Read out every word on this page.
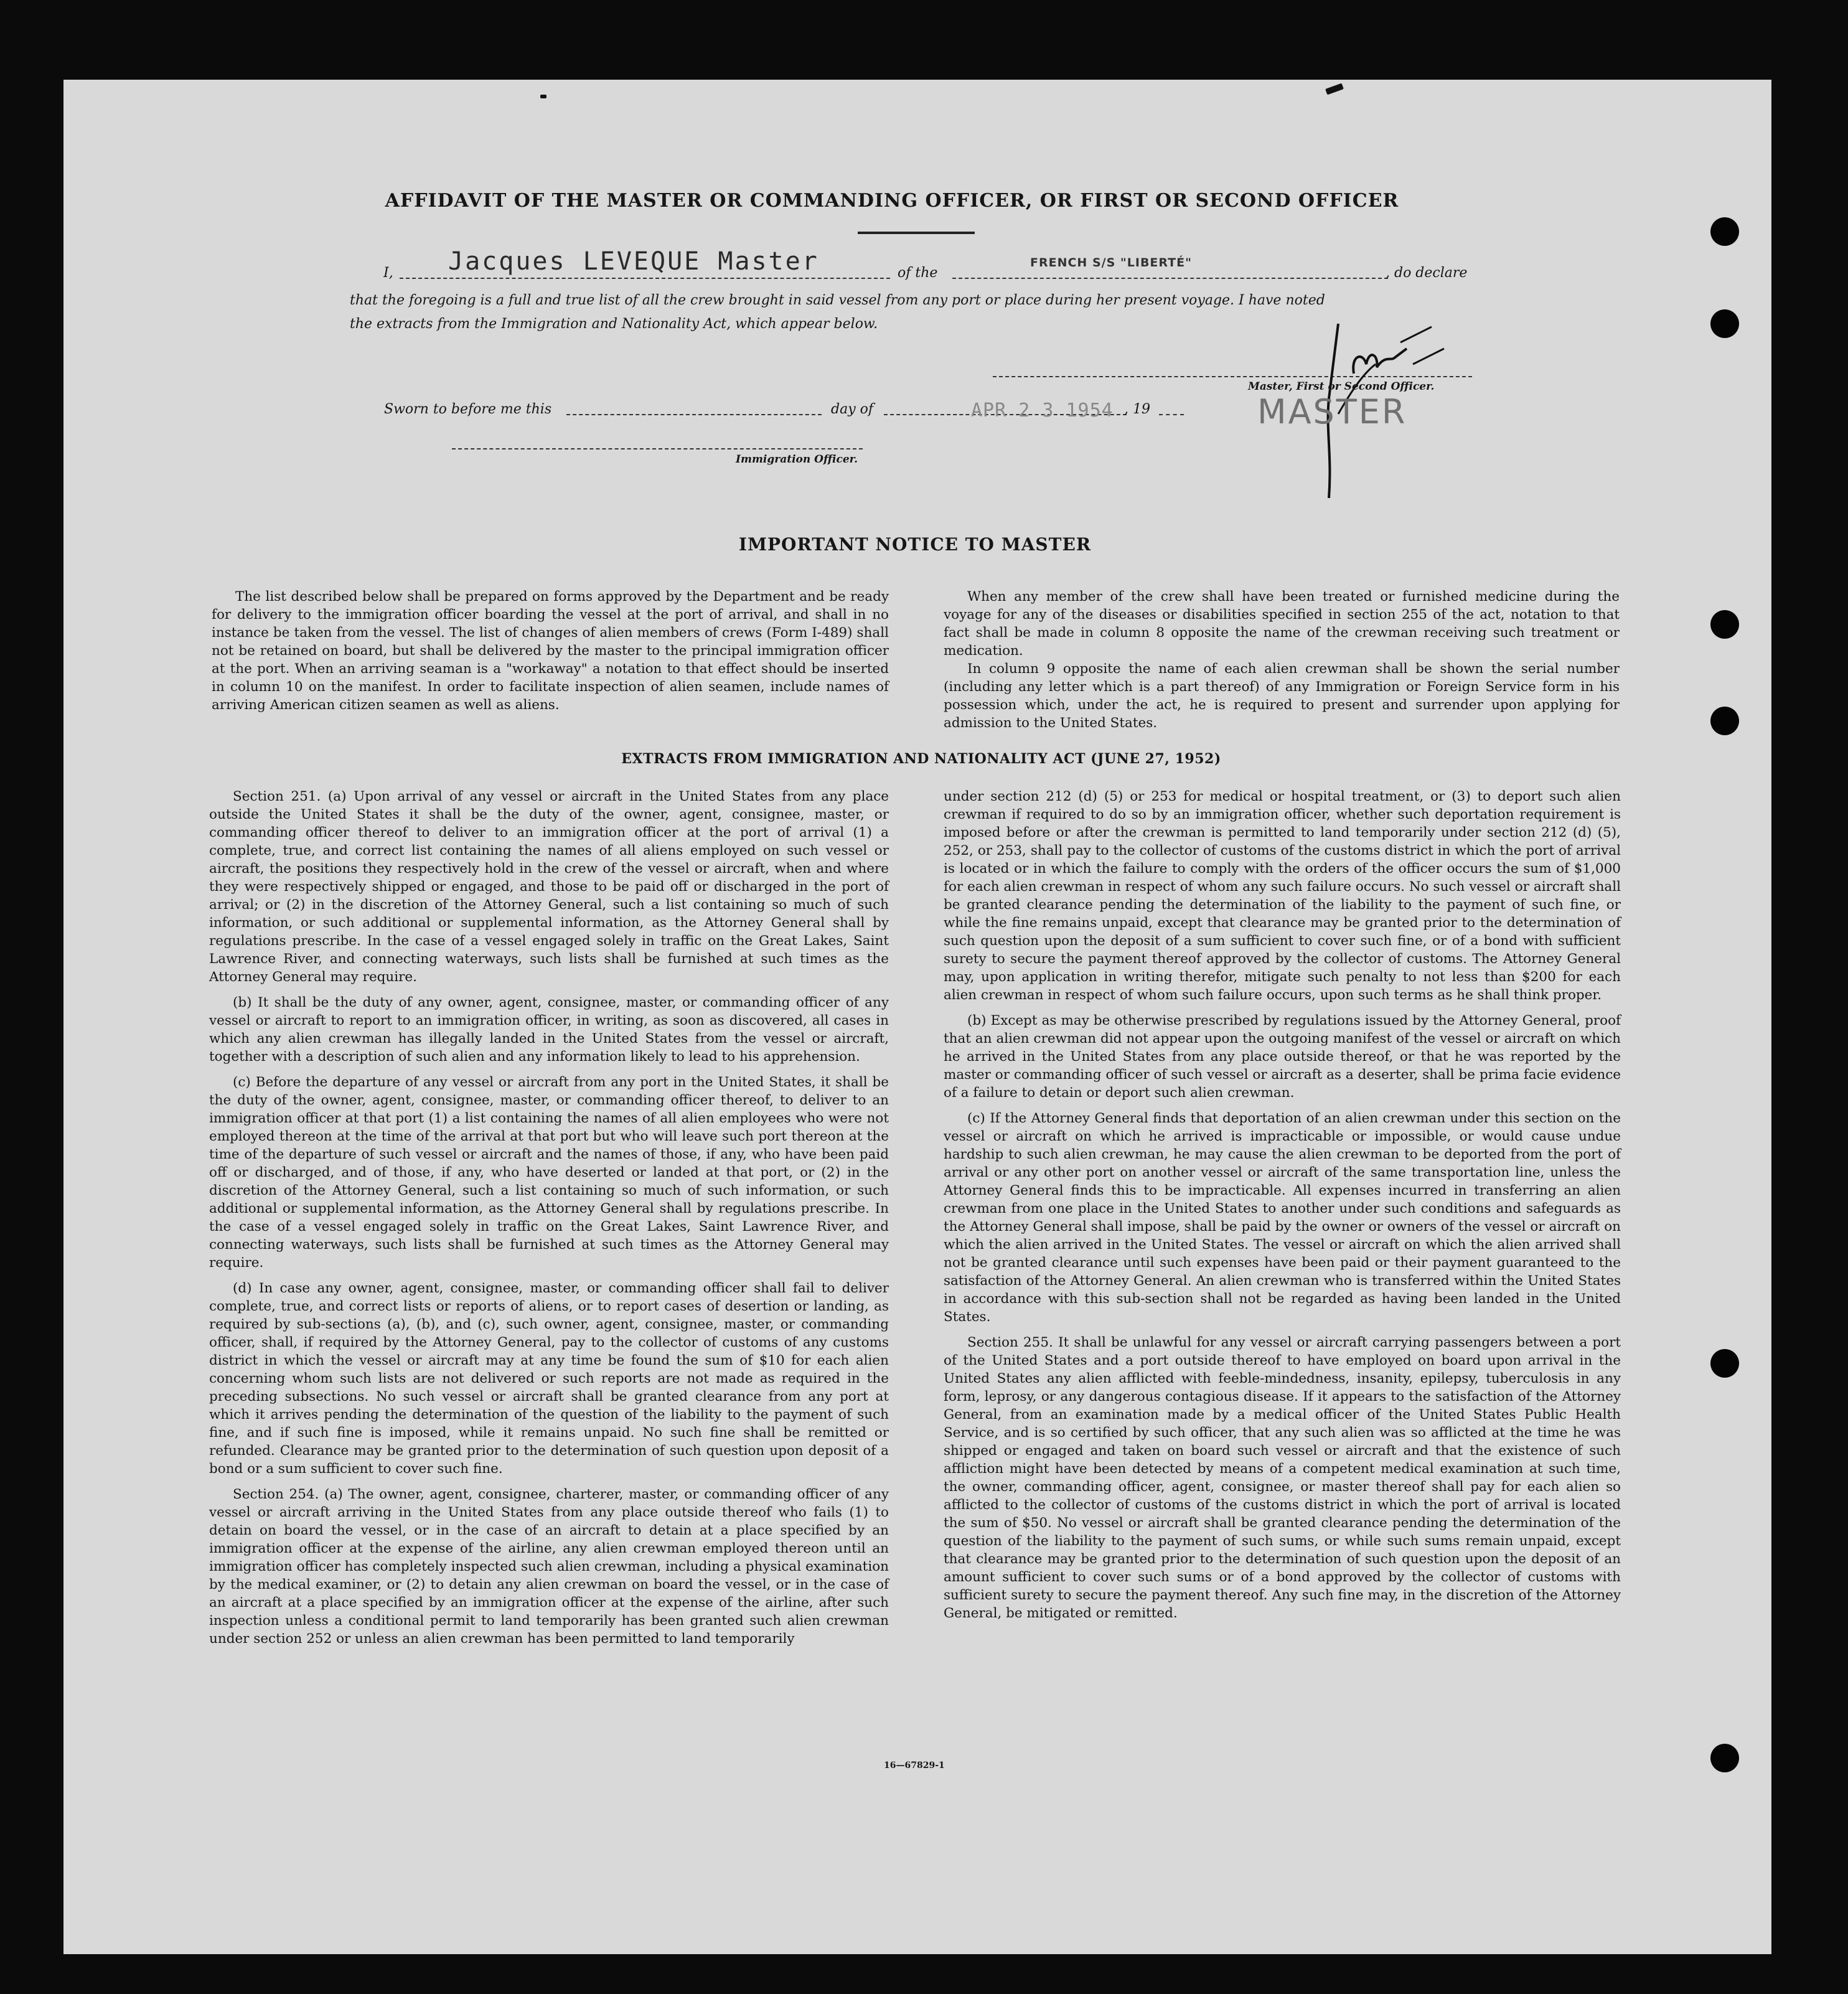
AFFIDAVIT OF THE MASTER OR COMMANDING OFFICER, OR FIRST OR SECOND OFFICER
I, Jacques LEVEQUE Master	of the
FRENCH S/S "LIBERTÉ"
, do declare
that the foregoing is a full and true list of all the crew brought in said vessel from any port or place during her present voyage. I have noted
the extracts from the Immigration and Nationality Act, which appear below.
Master, First or Second Officer.
MASTER
Sworn to before me this	day of	APR 2 3 1954 , 19
Immigration Officer.
IMPORTANT NOTICE TO MASTER

The list described below shall be prepared on forms approved by the Department and be ready for delivery to the immigration officer boarding the vessel at the port of arrival, and shall in no instance be taken from the vessel. The list of changes of alien members of crews (Form I-489) shall not be retained on board, but shall be delivered by the master to the principal immigration officer at the port. When an arriving seaman is a "workaway" a notation to that effect should be inserted in column 10 on the manifest. In order to facilitate inspection of alien seamen, include names of arriving American citizen seamen as well as aliens.

When any member of the crew shall have been treated or furnished medicine during the voyage for any of the diseases or disabilities specified in section 255 of the act, notation to that fact shall be made in column 8 opposite the name of the crewman receiving such treatment or medication.

In column 9 opposite the name of each alien crewman shall be shown the serial number (including any letter which is a part thereof) of any Immigration or Foreign Service form in his possession which, under the act, he is required to present and surrender upon applying for admission to the United States.

EXTRACTS FROM IMMIGRATION AND NATIONALITY ACT (JUNE 27, 1952)

Section 251. (a) Upon arrival of any vessel or aircraft in the United States from any place outside the United States it shall be the duty of the owner, agent, consignee, master, or commanding officer thereof to deliver to an immigration officer at the port of arrival (1) a complete, true, and correct list containing the names of all aliens employed on such vessel or aircraft, the positions they respectively hold in the crew of the vessel or aircraft, when and where they were respectively shipped or engaged, and those to be paid off or discharged in the port of arrival; or (2) in the discretion of the Attorney General, such a list containing so much of such information, or such additional or supplemental information, as the Attorney General shall by regulations prescribe. In the case of a vessel engaged solely in traffic on the Great Lakes, Saint Lawrence River, and connecting waterways, such lists shall be furnished at such times as the Attorney General may require.

(b) It shall be the duty of any owner, agent, consignee, master, or commanding officer of any vessel or aircraft to report to an immigration officer, in writing, as soon as discovered, all cases in which any alien crewman has illegally landed in the United States from the vessel or aircraft, together with a description of such alien and any information likely to lead to his apprehension.

(c) Before the departure of any vessel or aircraft from any port in the United States, it shall be the duty of the owner, agent, consignee, master, or commanding officer thereof, to deliver to an immigration officer at that port (1) a list containing the names of all alien employees who were not employed thereon at the time of the arrival at that port but who will leave such port thereon at the time of the departure of such vessel or aircraft and the names of those, if any, who have been paid off or discharged, and of those, if any, who have deserted or landed at that port, or (2) in the discretion of the Attorney General, such a list containing so much of such information, or such additional or supplemental information, as the Attorney General shall by regulations prescribe. In the case of a vessel engaged solely in traffic on the Great Lakes, Saint Lawrence River, and connecting waterways, such lists shall be furnished at such times as the Attorney General may require.

(d) In case any owner, agent, consignee, master, or commanding officer shall fail to deliver complete, true, and correct lists or reports of aliens, or to report cases of desertion or landing, as required by sub-sections (a), (b), and (c), such owner, agent, consignee, master, or commanding officer, shall, if required by the Attorney General, pay to the collector of customs of any customs district in which the vessel or aircraft may at any time be found the sum of $10 for each alien concerning whom such lists are not delivered or such reports are not made as required in the preceding subsections. No such vessel or aircraft shall be granted clearance from any port at which it arrives pending the determination of the question of the liability to the payment of such fine, and if such fine is imposed, while it remains unpaid. No such fine shall be remitted or refunded. Clearance may be granted prior to the determination of such question upon deposit of a bond or a sum sufficient to cover such fine.

Section 254. (a) The owner, agent, consignee, charterer, master, or commanding officer of any vessel or aircraft arriving in the United States from any place outside thereof who fails (1) to detain on board the vessel, or in the case of an aircraft to detain at a place specified by an immigration officer at the expense of the airline, any alien crewman employed thereon until an immigration officer has completely inspected such alien crewman, including a physical examination by the medical examiner, or (2) to detain any alien crewman on board the vessel, or in the case of an aircraft at a place specified by an immigration officer at the expense of the airline, after such inspection unless a conditional permit to land temporarily has been granted such alien crewman under section 252 or unless an alien crewman has been permitted to land temporarily

under section 212 (d) (5) or 253 for medical or hospital treatment, or (3) to deport such alien crewman if required to do so by an immigration officer, whether such deportation requirement is imposed before or after the crewman is permitted to land temporarily under section 212 (d) (5), 252, or 253, shall pay to the collector of customs of the customs district in which the port of arrival is located or in which the failure to comply with the orders of the officer occurs the sum of $1,000 for each alien crewman in respect of whom any such failure occurs. No such vessel or aircraft shall be granted clearance pending the determination of the liability to the payment of such fine, or while the fine remains unpaid, except that clearance may be granted prior to the determination of such question upon the deposit of a sum sufficient to cover such fine, or of a bond with sufficient surety to secure the payment thereof approved by the collector of customs. The Attorney General may, upon application in writing therefor, mitigate such penalty to not less than $200 for each alien crewman in respect of whom such failure occurs, upon such terms as he shall think proper.

(b) Except as may be otherwise prescribed by regulations issued by the Attorney General, proof that an alien crewman did not appear upon the outgoing manifest of the vessel or aircraft on which he arrived in the United States from any place outside thereof, or that he was reported by the master or commanding officer of such vessel or aircraft as a deserter, shall be prima facie evidence of a failure to detain or deport such alien crewman.

(c) If the Attorney General finds that deportation of an alien crewman under this section on the vessel or aircraft on which he arrived is impracticable or impossible, or would cause undue hardship to such alien crewman, he may cause the alien crewman to be deported from the port of arrival or any other port on another vessel or aircraft of the same transportation line, unless the Attorney General finds this to be impracticable. All expenses incurred in transferring an alien crewman from one place in the United States to another under such conditions and safeguards as the Attorney General shall impose, shall be paid by the owner or owners of the vessel or aircraft on which the alien arrived in the United States. The vessel or aircraft on which the alien arrived shall not be granted clearance until such expenses have been paid or their payment guaranteed to the satisfaction of the Attorney General. An alien crewman who is transferred within the United States in accordance with this sub-section shall not be regarded as having been landed in the United States.

Section 255. It shall be unlawful for any vessel or aircraft carrying passengers between a port of the United States and a port outside thereof to have employed on board upon arrival in the United States any alien afflicted with feeble-mindedness, insanity, epilepsy, tuberculosis in any form, leprosy, or any dangerous contagious disease. If it appears to the satisfaction of the Attorney General, from an examination made by a medical officer of the United States Public Health Service, and is so certified by such officer, that any such alien was so afflicted at the time he was shipped or engaged and taken on board such vessel or aircraft and that the existence of such affliction might have been detected by means of a competent medical examination at such time, the owner, commanding officer, agent, consignee, or master thereof shall pay for each alien so afflicted to the collector of customs of the customs district in which the port of arrival is located the sum of $50. No vessel or aircraft shall be granted clearance pending the determination of the question of the liability to the payment of such sums, or while such sums remain unpaid, except that clearance may be granted prior to the determination of such question upon the deposit of an amount sufficient to cover such sums or of a bond approved by the collector of customs with sufficient surety to secure the payment thereof. Any such fine may, in the discretion of the Attorney General, be mitigated or remitted.

16—67829-1
